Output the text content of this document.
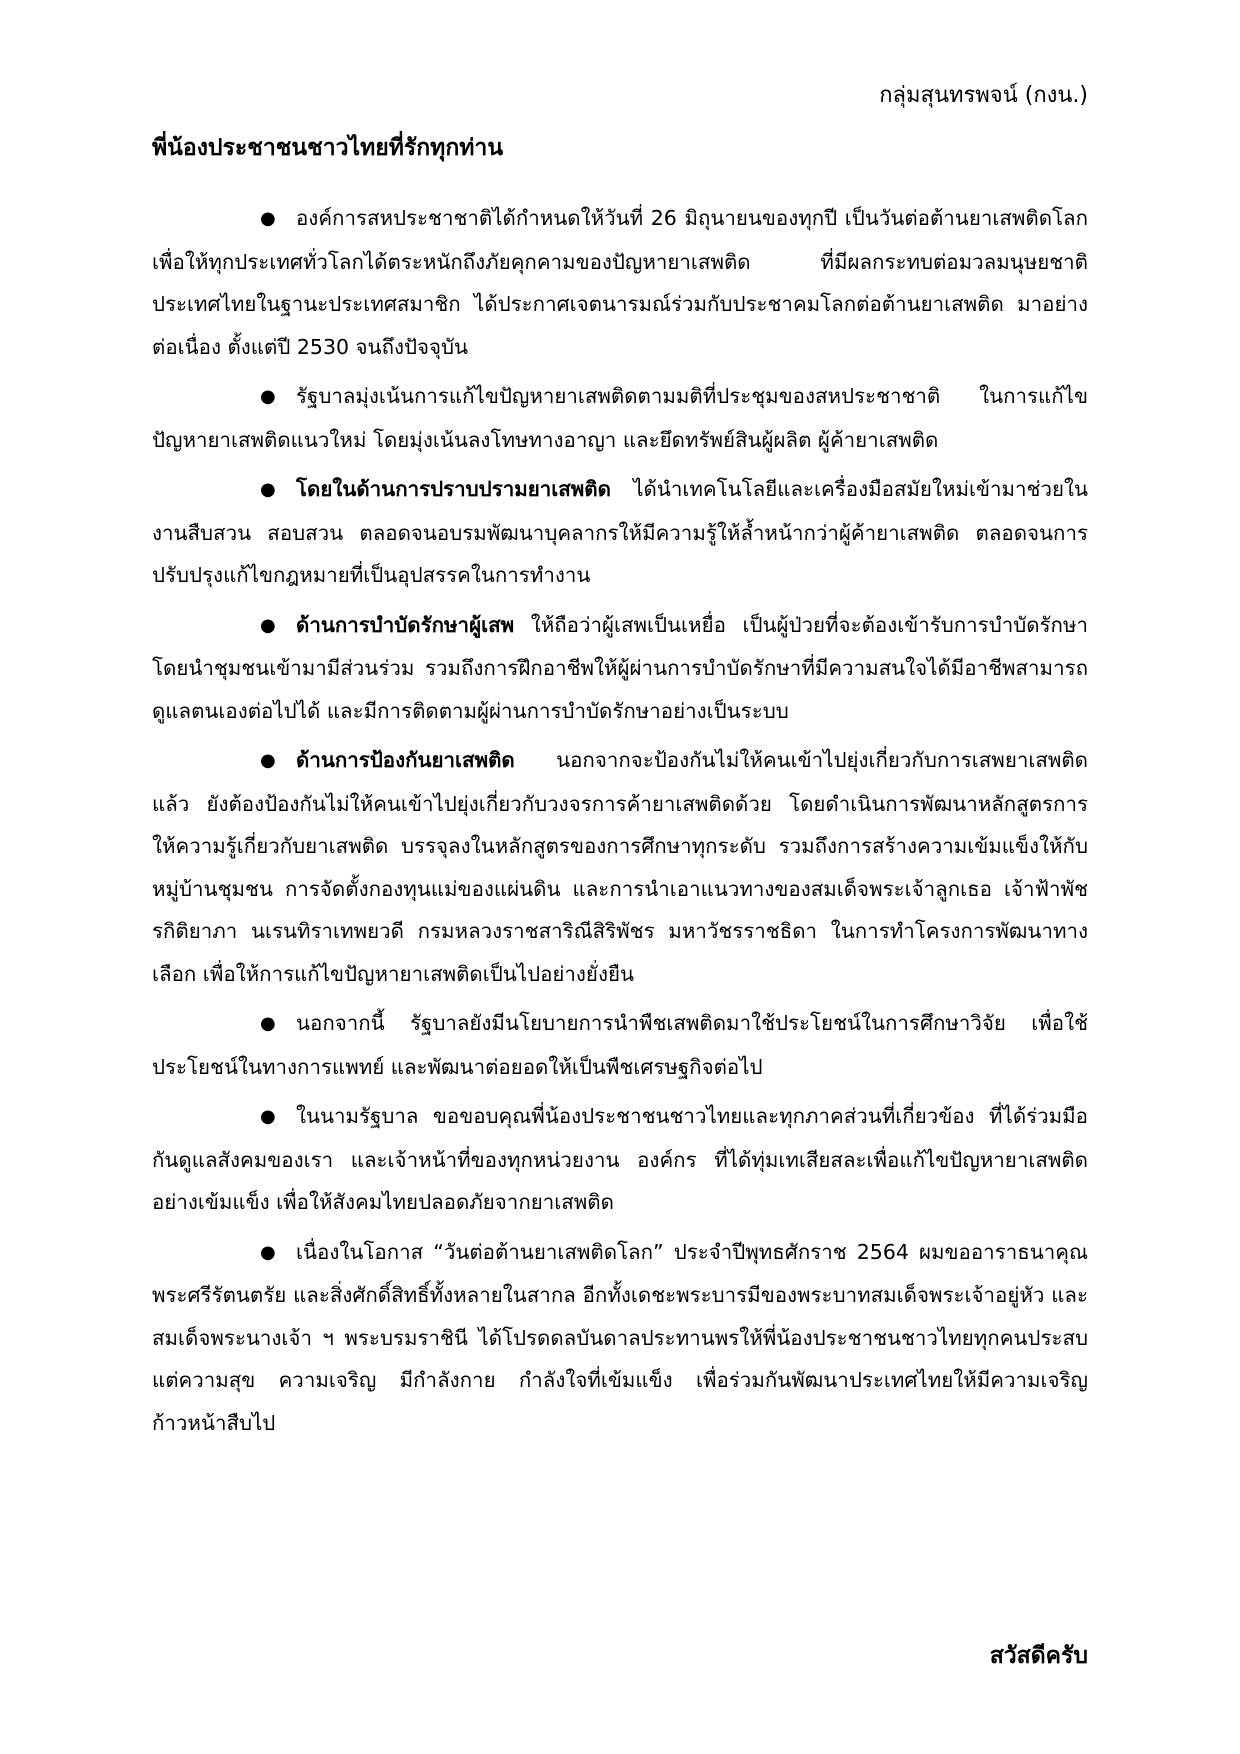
กลุ่มสุนทรพจน์ (กงน.)
พี่น้องประชาชนชาวไทยที่รักทุกท่าน

● องค์การสหประชาชาติได้กำหนดให้วันที่ 26 มิถุนายนของทุกปี เป็นวันต่อต้านยาเสพติดโลก เพื่อให้ทุกประเทศทั่วโลกได้ตระหนักถึงภัยคุกคามของปัญหายาเสพติด ที่มีผลกระทบต่อมวลมนุษยชาติ ประเทศไทยในฐานะประเทศสมาชิก ได้ประกาศเจตนารมณ์ร่วมกับประชาคมโลกต่อต้านยาเสพติด มาอย่างต่อเนื่อง ตั้งแต่ปี 2530 จนถึงปัจจุบัน

● รัฐบาลมุ่งเน้นการแก้ไขปัญหายาเสพติดตามมติที่ประชุมของสหประชาชาติ ในการแก้ไขปัญหายาเสพติดแนวใหม่ โดยมุ่งเน้นลงโทษทางอาญา และยึดทรัพย์สินผู้ผลิต ผู้ค้ายาเสพติด

● โดยในด้านการปราบปรามยาเสพติด ได้นำเทคโนโลยีและเครื่องมือสมัยใหม่เข้ามาช่วยในงานสืบสวน สอบสวน ตลอดจนอบรมพัฒนาบุคลากรให้มีความรู้ให้ล้ำหน้ากว่าผู้ค้ายาเสพติด ตลอดจนการปรับปรุงแก้ไขกฎหมายที่เป็นอุปสรรคในการทำงาน

● ด้านการบำบัดรักษาผู้เสพ ให้ถือว่าผู้เสพเป็นเหยื่อ เป็นผู้ป่วยที่จะต้องเข้ารับการบำบัดรักษา โดยนำชุมชนเข้ามามีส่วนร่วม รวมถึงการฝึกอาชีพให้ผู้ผ่านการบำบัดรักษาที่มีความสนใจได้มีอาชีพสามารถดูแลตนเองต่อไปได้ และมีการติดตามผู้ผ่านการบำบัดรักษาอย่างเป็นระบบ

● ด้านการป้องกันยาเสพติด นอกจากจะป้องกันไม่ให้คนเข้าไปยุ่งเกี่ยวกับการเสพยาเสพติดแล้ว ยังต้องป้องกันไม่ให้คนเข้าไปยุ่งเกี่ยวกับวงจรการค้ายาเสพติดด้วย โดยดำเนินการพัฒนาหลักสูตรการให้ความรู้เกี่ยวกับยาเสพติด บรรจุลงในหลักสูตรของการศึกษาทุกระดับ รวมถึงการสร้างความเข้มแข็งให้กับหมู่บ้านชุมชน การจัดตั้งกองทุนแม่ของแผ่นดิน และการนำเอาแนวทางของสมเด็จพระเจ้าลูกเธอ เจ้าฟ้าพัชรกิติยาภา นเรนทิราเทพยวดี กรมหลวงราชสาริณีสิริพัชร มหาวัชรราชธิดา ในการทำโครงการพัฒนาทางเลือก เพื่อให้การแก้ไขปัญหายาเสพติดเป็นไปอย่างยั่งยืน

● นอกจากนี้ รัฐบาลยังมีนโยบายการนำพืชเสพติดมาใช้ประโยชน์ในการศึกษาวิจัย เพื่อใช้ประโยชน์ในทางการแพทย์ และพัฒนาต่อยอดให้เป็นพืชเศรษฐกิจต่อไป

● ในนามรัฐบาล ขอขอบคุณพี่น้องประชาชนชาวไทยและทุกภาคส่วนที่เกี่ยวข้อง ที่ได้ร่วมมือกันดูแลสังคมของเรา และเจ้าหน้าที่ของทุกหน่วยงาน องค์กร ที่ได้ทุ่มเทเสียสละเพื่อแก้ไขปัญหายาเสพติดอย่างเข้มแข็ง เพื่อให้สังคมไทยปลอดภัยจากยาเสพติด

● เนื่องในโอกาส “วันต่อต้านยาเสพติดโลก” ประจำปีพุทธศักราช 2564 ผมขออาราธนาคุณพระศรีรัตนตรัย และสิ่งศักดิ์สิทธิ์ทั้งหลายในสากล อีกทั้งเดชะพระบารมีของพระบาทสมเด็จพระเจ้าอยู่หัว และสมเด็จพระนางเจ้า ฯ พระบรมราชินี ได้โปรดดลบันดาลประทานพรให้พี่น้องประชาชนชาวไทยทุกคนประสบแต่ความสุข ความเจริญ มีกำลังกาย กำลังใจที่เข้มแข็ง เพื่อร่วมกันพัฒนาประเทศไทยให้มีความเจริญก้าวหน้าสืบไป

สวัสดีครับ
